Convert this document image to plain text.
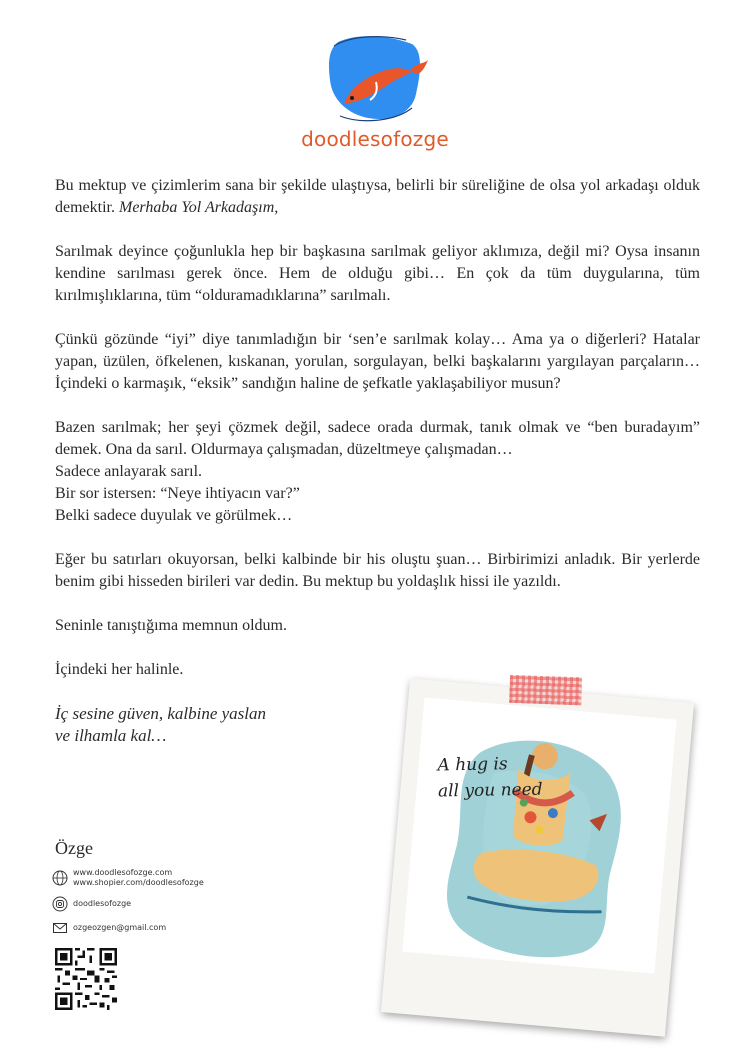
doodlesofozge

Bu mektup ve çizimlerim sana bir şekilde ulaştıysa, belirli bir süreliğine de olsa yol arkadaşı olduk demektir. Merhaba Yol Arkadaşım,

Sarılmak deyince çoğunlukla hep bir başkasına sarılmak geliyor aklımıza, değil mi? Oysa insanın kendine sarılması gerek önce. Hem de olduğu gibi… En çok da tüm duygularına, tüm kırılmışlıklarına, tüm “olduramadıklarına” sarılmalı.

Çünkü gözünde “iyi” diye tanımladığın bir ‘sen’e sarılmak kolay… Ama ya o diğerleri? Hatalar yapan, üzülen, öfkelenen, kıskanan, yorulan, sorgulayan, belki başkalarını yargılayan parçaların… İçindeki o karmaşık, “eksik” sandığın haline de şefkatle yaklaşabiliyor musun?

Bazen sarılmak; her şeyi çözmek değil, sadece orada durmak, tanık olmak ve “ben buradayım” demek. Ona da sarıl. Oldurmaya çalışmadan, düzeltmeye çalışmadan…

Sadece anlayarak sarıl.

Bir sor istersen: “Neye ihtiyacın var?”

Belki sadece duyulak ve görülmek…

Eğer bu satırları okuyorsan, belki kalbinde bir his oluştu şuan… Birbirimizi anladık. Bir yerlerde benim gibi hisseden birileri var dedin. Bu mektup bu yoldaşlık hissi ile yazıldı.

Seninle tanıştığıma memnun oldum.

İçindeki her halinle.

İç sesine güven, kalbine yaslan

ve ilhamla kal…

Özge
www.doodlesofozge.com
www.shopier.com/doodlesofozge
doodlesofozge
ozgeozgen@gmail.com
A hug is
all you need
